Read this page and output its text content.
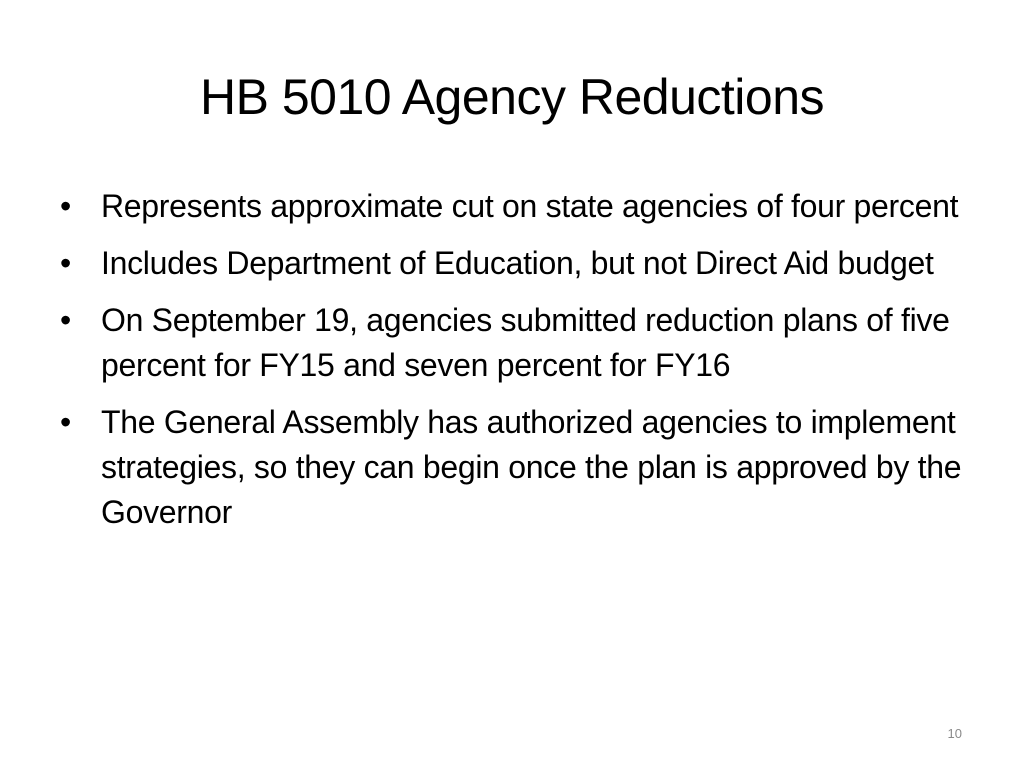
HB 5010 Agency Reductions
• Represents approximate cut on state agencies of four percent
• Includes Department of Education, but not Direct Aid budget
• On September 19, agencies submitted reduction plans of five percent for FY15 and seven percent for FY16
• The General Assembly has authorized agencies to implement strategies, so they can begin once the plan is approved by the Governor
10
